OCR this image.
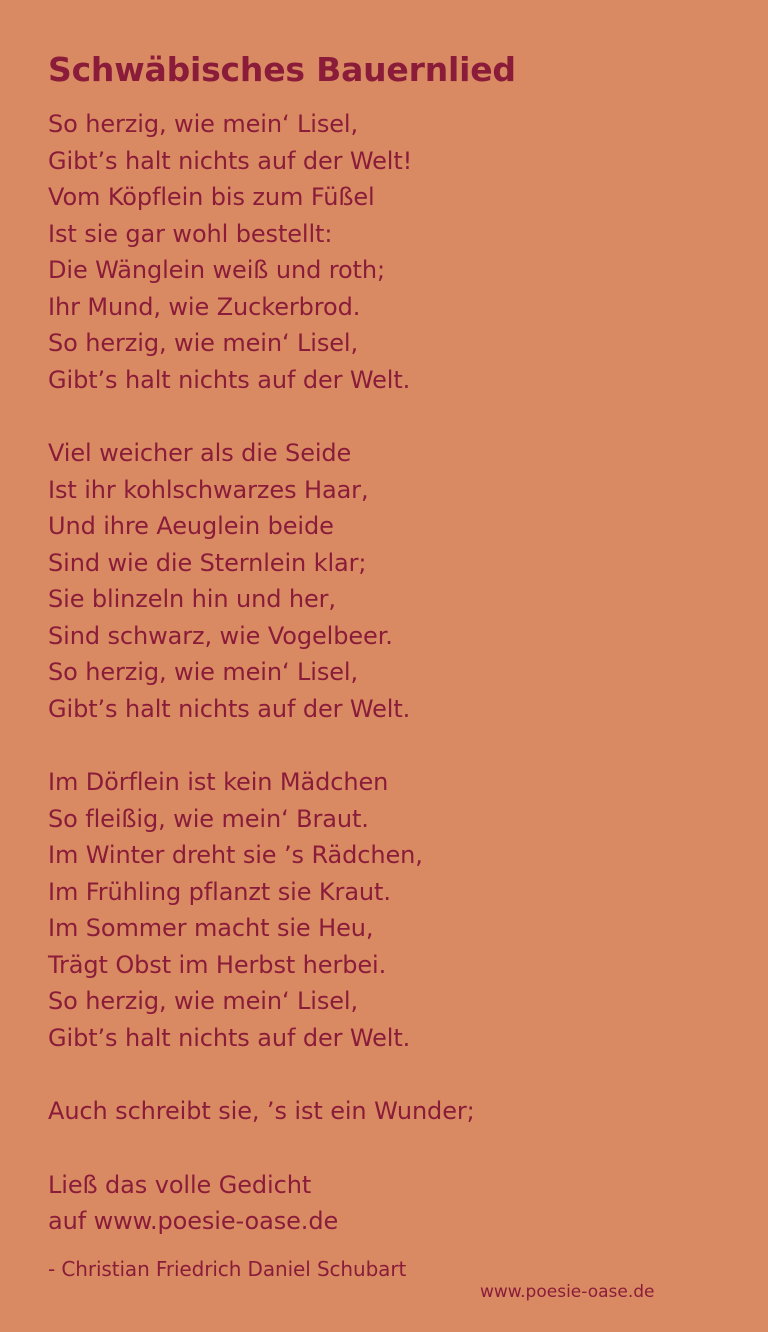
Schwäbisches Bauernlied
So herzig, wie mein‘ Lisel,
Gibt’s halt nichts auf der Welt!
Vom Köpflein bis zum Füßel
Ist sie gar wohl bestellt:
Die Wänglein weiß und roth;
Ihr Mund, wie Zuckerbrod.
So herzig, wie mein‘ Lisel,
Gibt’s halt nichts auf der Welt.
Viel weicher als die Seide
Ist ihr kohlschwarzes Haar,
Und ihre Aeuglein beide
Sind wie die Sternlein klar;
Sie blinzeln hin und her,
Sind schwarz, wie Vogelbeer.
So herzig, wie mein‘ Lisel,
Gibt’s halt nichts auf der Welt.
Im Dörflein ist kein Mädchen
So fleißig, wie mein‘ Braut.
Im Winter dreht sie ’s Rädchen,
Im Frühling pflanzt sie Kraut.
Im Sommer macht sie Heu,
Trägt Obst im Herbst herbei.
So herzig, wie mein‘ Lisel,
Gibt’s halt nichts auf der Welt.
Auch schreibt sie, ’s ist ein Wunder;
Ließ das volle Gedicht
auf www.poesie-oase.de
- Christian Friedrich Daniel Schubart
www.poesie-oase.de
